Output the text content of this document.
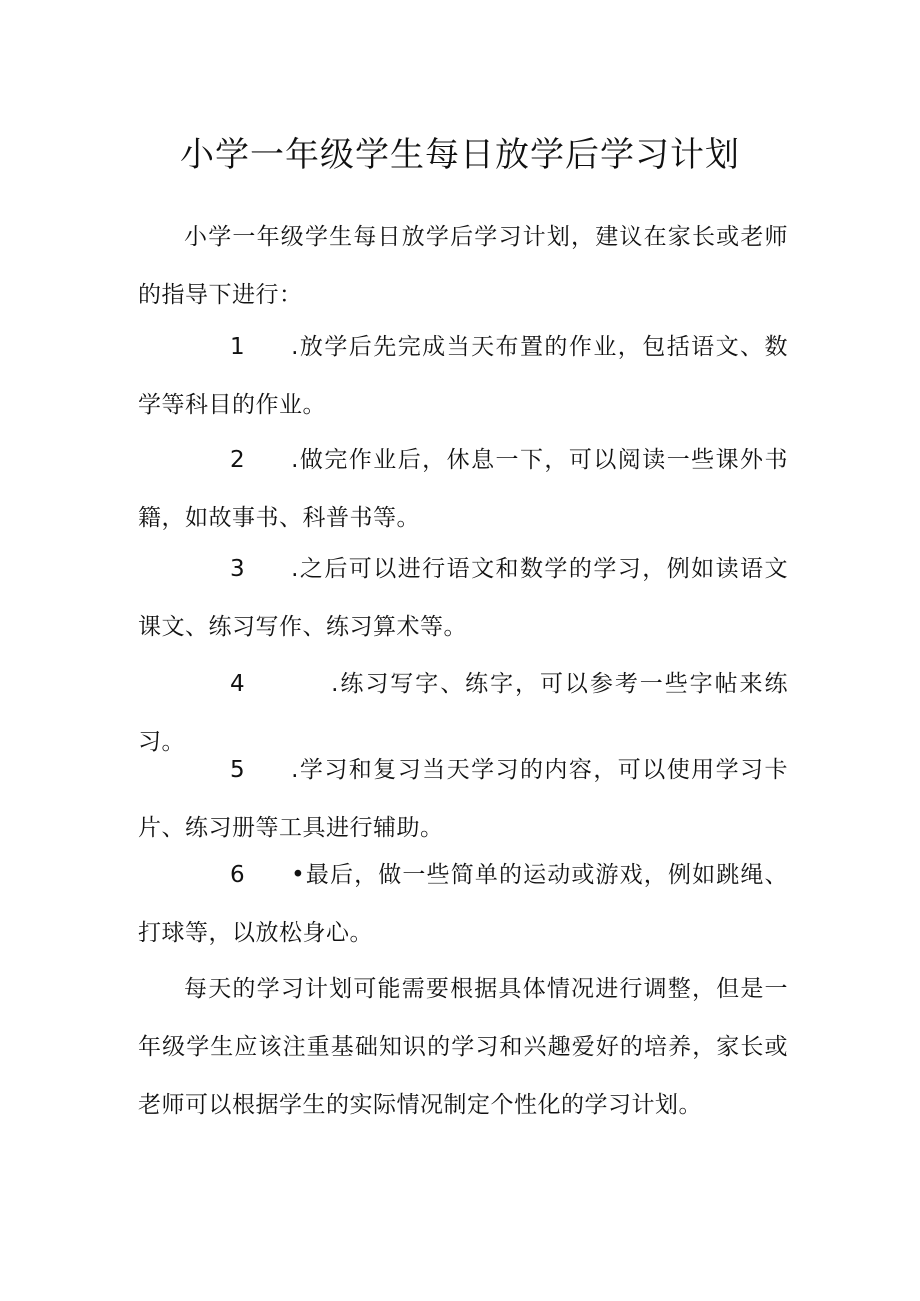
小学一年级学生每日放学后学习计划

小学一年级学生每日放学后学习计划，建议在家长或老师的指导下进行：

1.放学后先完成当天布置的作业，包括语文、数学等科目的作业。

2.做完作业后，休息一下，可以阅读一些课外书籍，如故事书、科普书等。

3.之后可以进行语文和数学的学习，例如读语文课文、练习写作、练习算术等。

4	.练习写字、练字，可以参考一些字帖来练习。

5.学习和复习当天学习的内容，可以使用学习卡片、练习册等工具进行辅助。

6•最后，做一些简单的运动或游戏，例如跳绳、打球等，以放松身心。

每天的学习计划可能需要根据具体情况进行调整，但是一年级学生应该注重基础知识的学习和兴趣爱好的培养，家长或老师可以根据学生的实际情况制定个性化的学习计划。
